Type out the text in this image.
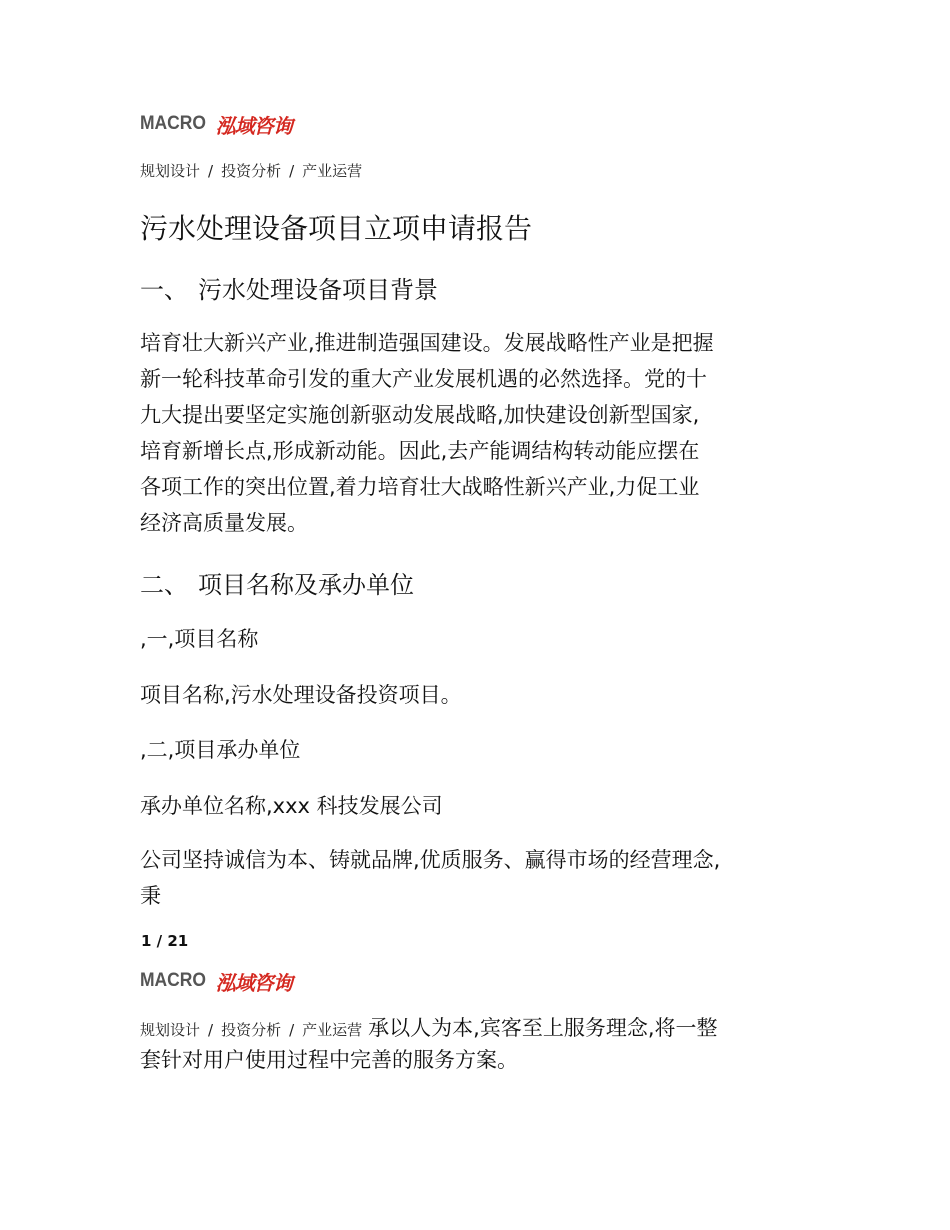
MACRO 泓域咨询
规划设计 / 投资分析 / 产业运营
污水处理设备项目立项申请报告
一、 污水处理设备项目背景

培育壮大新兴产业,推进制造强国建设。发展战略性产业是把握
新一轮科技革命引发的重大产业发展机遇的必然选择。党的十
九大提出要坚定实施创新驱动发展战略,加快建设创新型国家,
培育新增长点,形成新动能。因此,去产能调结构转动能应摆在
各项工作的突出位置,着力培育壮大战略性新兴产业,力促工业
经济高质量发展。

二、 项目名称及承办单位

,一,项目名称

项目名称,污水处理设备投资项目。

,二,项目承办单位

承办单位名称,xxx 科技发展公司

公司坚持诚信为本、铸就品牌,优质服务、赢得市场的经营理念,
秉

1 / 21
MACRO 泓域咨询
规划设计 / 投资分析 / 产业运营 承以人为本,宾客至上服务理念,将一整
套针对用户使用过程中完善的服务方案。
